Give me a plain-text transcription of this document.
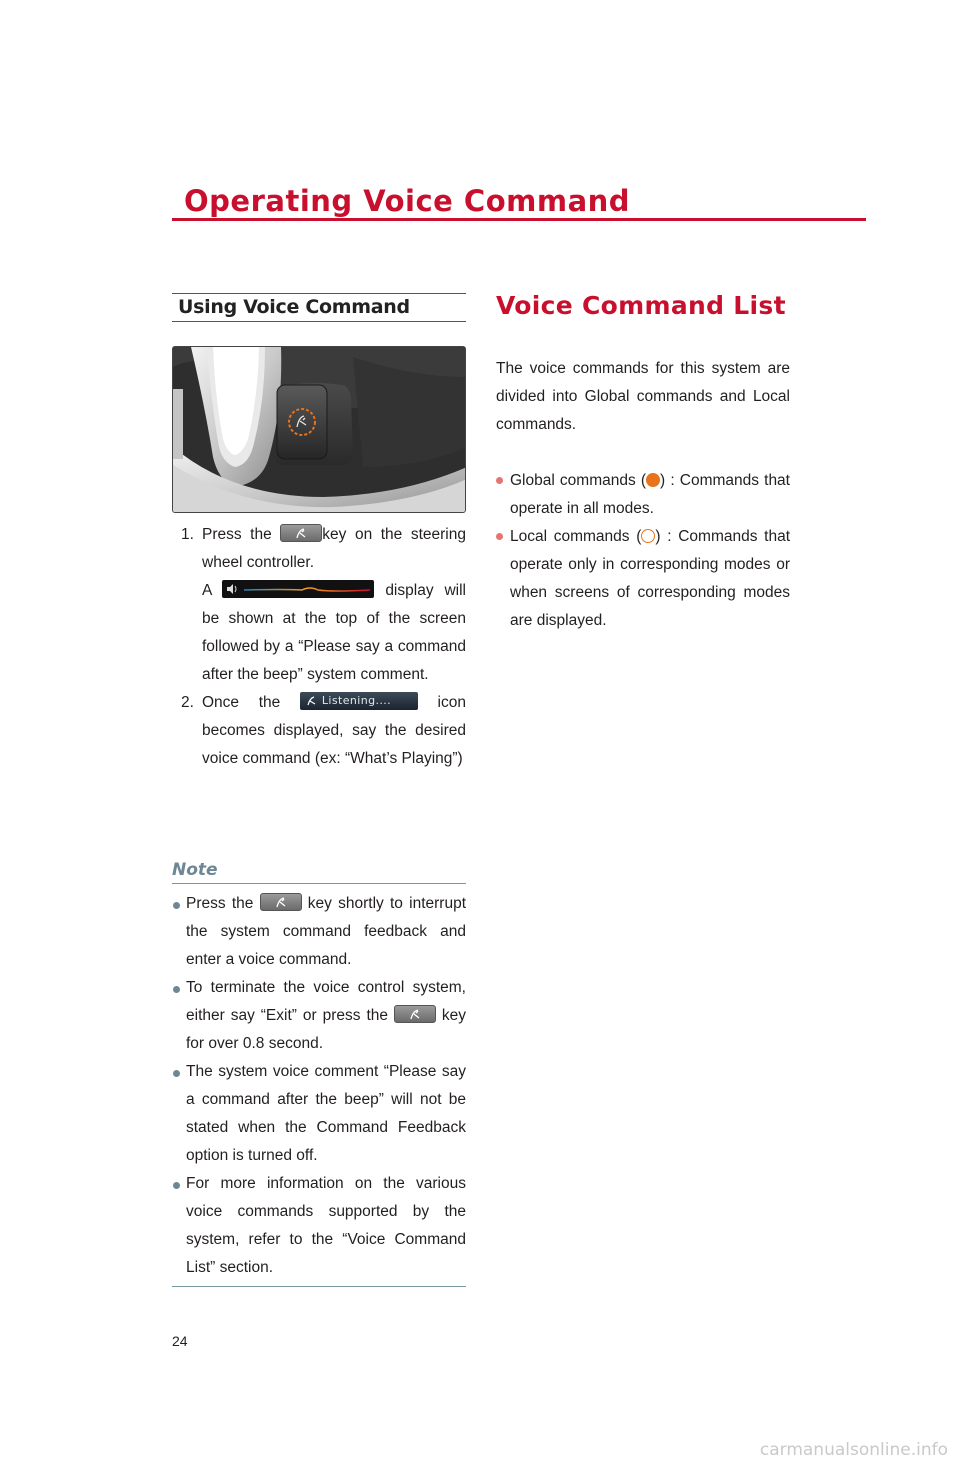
Operating Voice Command
Using Voice Command
1. Press the	key on the steering wheel controller.
A	display will be shown at the top of the screen followed by a “Please say a command after the beep” system comment.
2. Once the Listening.... icon becomes displayed, say the desired voice command (ex: “What’s Playing”)
Note
Press the	key shortly to interrupt the system command feedback and enter a voice command.
To terminate the voice control system, either say “Exit” or press the	key for over 0.8 second.
The system voice comment “Please say a command after the beep” will not be stated when the Command Feedback option is turned off.
For more information on the various voice commands supported by the system, refer to the “Voice Command List” section.
Voice Command List

The voice commands for this system are divided into Global commands and Local commands.

Global commands ( ) : Commands that operate in all modes.
Local commands ( ) : Commands that operate only in corresponding modes or when screens of corresponding modes are displayed.
24
carmanualsonline.info
